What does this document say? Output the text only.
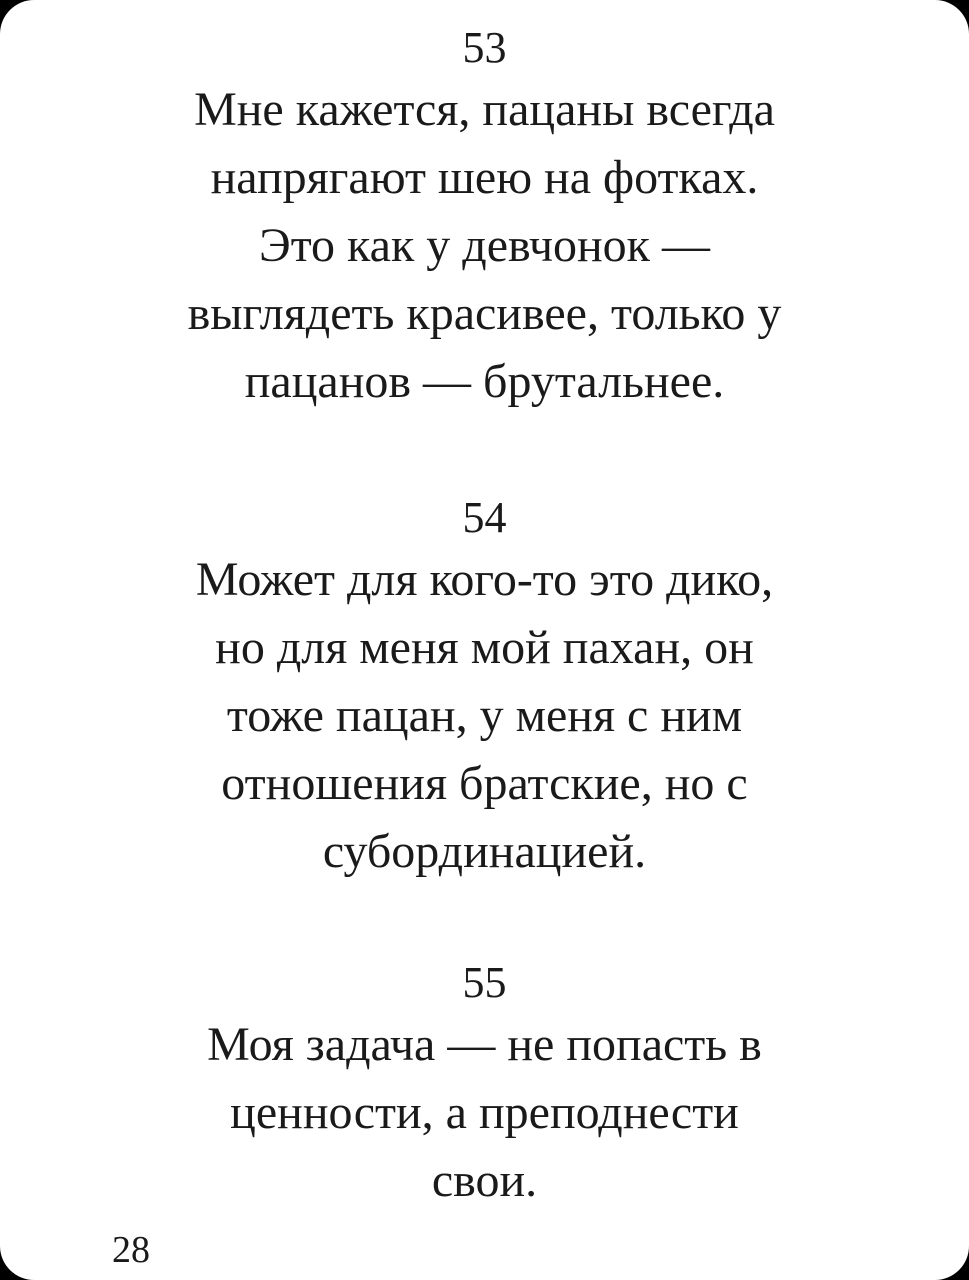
53
Мне кажется, пацаны всегда
напрягают шею на фотках.
Это как у девчонок —
выглядеть красивее, только у
пацанов — брутальнее.
54
Может для кого-то это дико,
но для меня мой пахан, он
тоже пацан, у меня с ним
отношения братские, но с
субординацией.
55
Моя задача — не попасть в
ценности, а преподнести
свои.
28
